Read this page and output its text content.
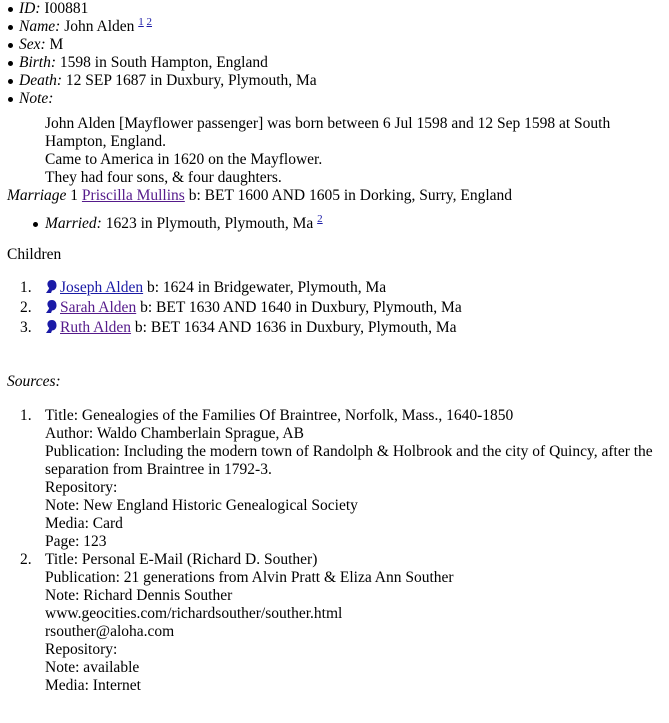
ID: I00881
Name: John Alden $^{1 2}$
Sex: M
Birth: 1598 in South Hampton, England
Death: 12 SEP 1687 in Duxbury, Plymouth, Ma
Note:
John Alden [Mayflower passenger] was born between 6 Jul 1598 and 12 Sep 1598 at South
Hampton, England.
Came to America in 1620 on the Mayflower.
They had four sons, & four daughters.
Marriage 1 Priscilla Mullins b: BET 1600 AND 1605 in Dorking, Surry, England
Married: 1623 in Plymouth, Plymouth, Ma $^2$
Children
1. Joseph Alden b: 1624 in Bridgewater, Plymouth, Ma
2. Sarah Alden b: BET 1630 AND 1640 in Duxbury, Plymouth, Ma
3. Ruth Alden b: BET 1634 AND 1636 in Duxbury, Plymouth, Ma
Sources:
1. Title: Genealogies of the Families Of Braintree, Norfolk, Mass., 1640-1850
Author: Waldo Chamberlain Sprague, AB
Publication: Including the modern town of Randolph & Holbrook and the city of Quincy, after the
separation from Braintree in 1792-3.
Repository:
Note: New England Historic Genealogical Society
Media: Card
Page: 123
2. Title: Personal E-Mail (Richard D. Souther)
Publication: 21 generations from Alvin Pratt & Eliza Ann Souther
Note: Richard Dennis Souther
www.geocities.com/richardsouther/souther.html
rsouther@aloha.com
Repository:
Note: available
Media: Internet
